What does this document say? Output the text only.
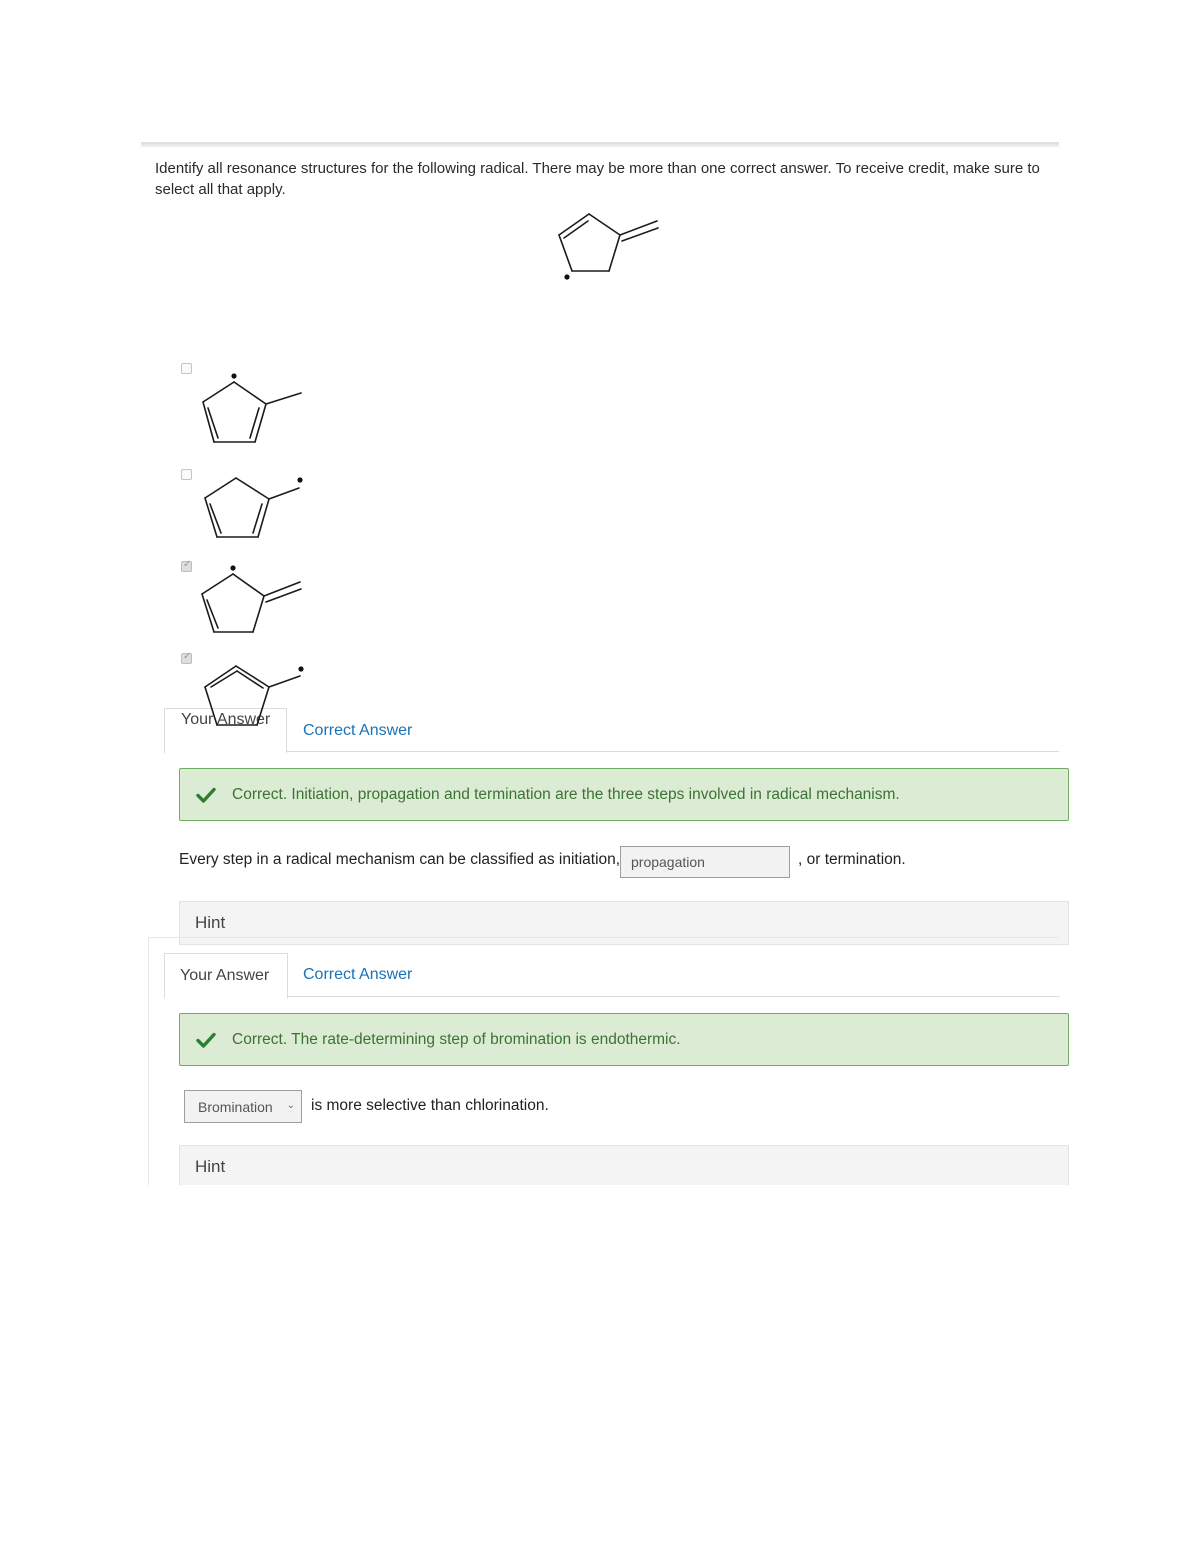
Identify all resonance structures for the following radical. There may be more than one correct answer. To receive credit, make sure to select all that apply.
✓
✓
Your Answer
Correct Answer
Correct. Initiation, propagation and termination are the three steps involved in radical mechanism.
Every step in a radical mechanism can be classified as initiation, propagation	, or termination.
Hint
Your Answer Correct Answer
Correct. The rate-determining step of bromination is endothermic.
Bromination ⌄ is more selective than chlorination.
Hint
